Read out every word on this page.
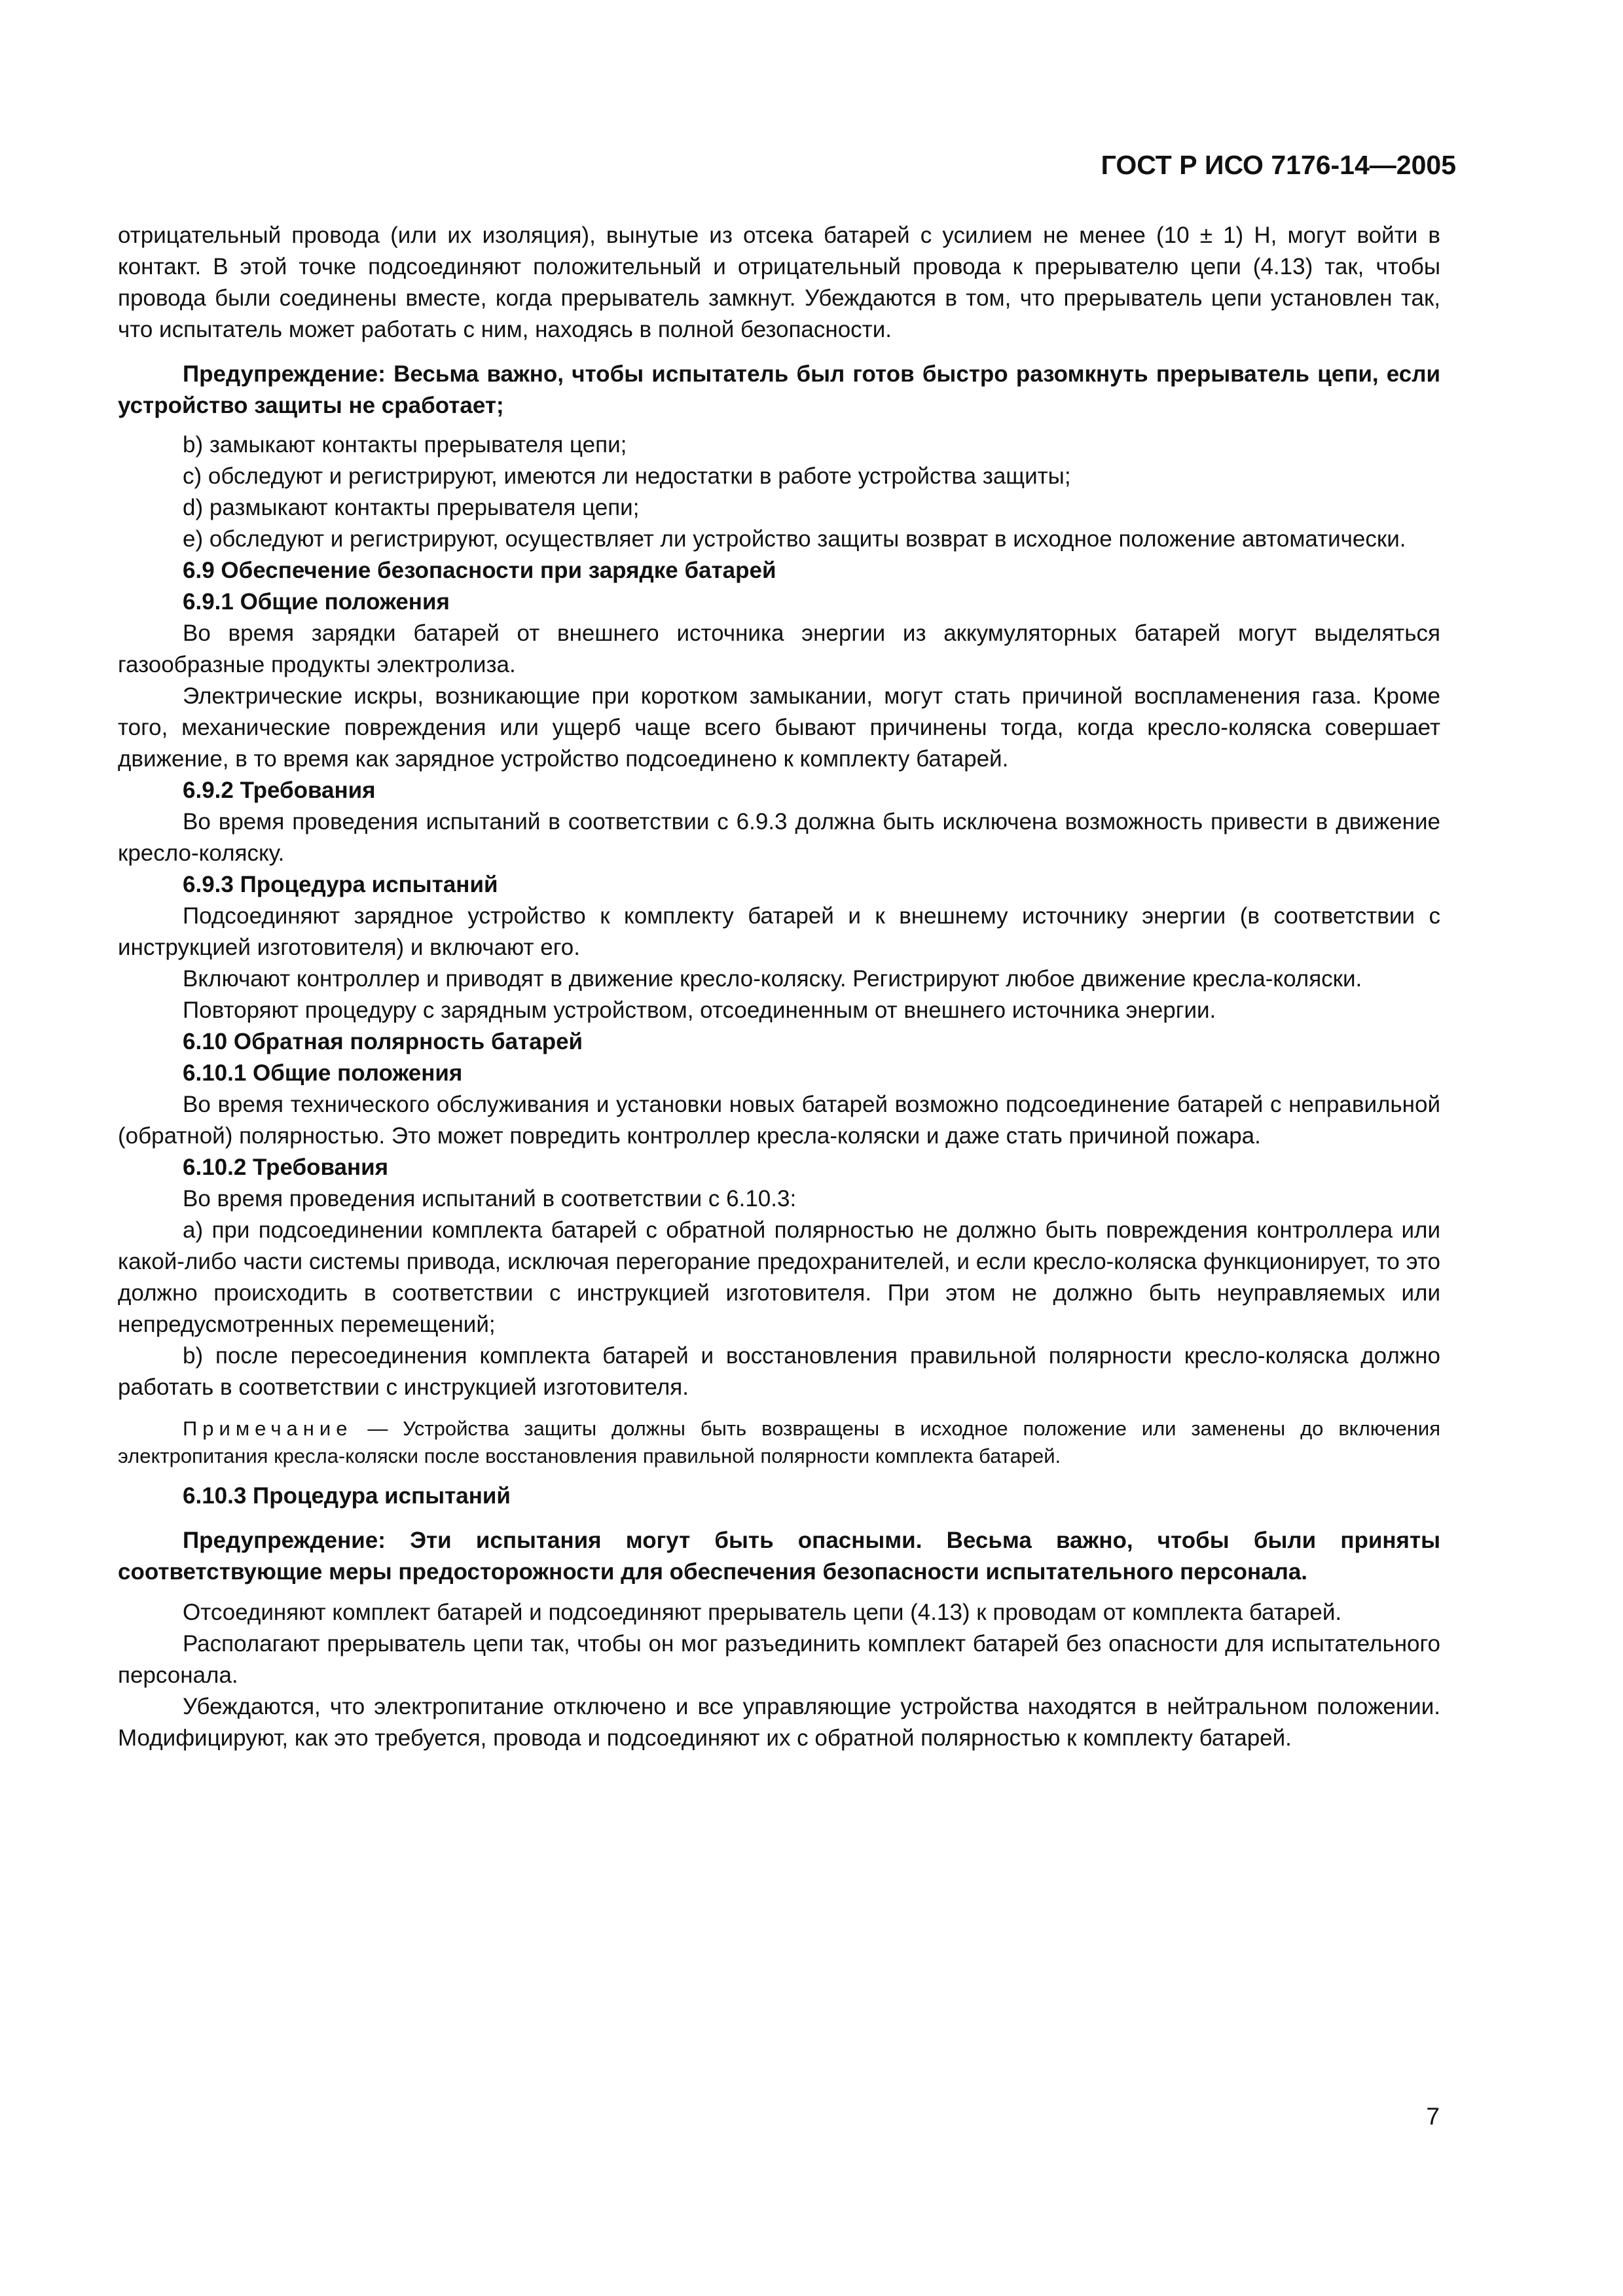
ГОСТ Р ИСО 7176-14—2005

отрицательный провода (или их изоляция), вынутые из отсека батарей с усилием не менее (10 ± 1) Н, могут войти в контакт. В этой точке подсоединяют положительный и отрицательный провода к прерывателю цепи (4.13) так, чтобы провода были соединены вместе, когда прерыватель замкнут. Убеждаются в том, что прерыватель цепи установлен так, что испытатель может работать с ним, находясь в полной безопасности.

Предупреждение: Весьма важно, чтобы испытатель был готов быстро разомкнуть прерыватель цепи, если устройство защиты не сработает;

b) замыкают контакты прерывателя цепи;

c) обследуют и регистрируют, имеются ли недостатки в работе устройства защиты;

d) размыкают контакты прерывателя цепи;

e) обследуют и регистрируют, осуществляет ли устройство защиты возврат в исходное положение автоматически.

6.9 Обеспечение безопасности при зарядке батарей

6.9.1 Общие положения

Во время зарядки батарей от внешнего источника энергии из аккумуляторных батарей могут выделяться газообразные продукты электролиза.

Электрические искры, возникающие при коротком замыкании, могут стать причиной воспламенения газа. Кроме того, механические повреждения или ущерб чаще всего бывают причинены тогда, когда кресло-коляска совершает движение, в то время как зарядное устройство подсоединено к комплекту батарей.

6.9.2 Требования

Во время проведения испытаний в соответствии с 6.9.3 должна быть исключена возможность привести в движение кресло-коляску.

6.9.3 Процедура испытаний

Подсоединяют зарядное устройство к комплекту батарей и к внешнему источнику энергии (в соответствии с инструкцией изготовителя) и включают его.

Включают контроллер и приводят в движение кресло-коляску. Регистрируют любое движение кресла-коляски.

Повторяют процедуру с зарядным устройством, отсоединенным от внешнего источника энергии.

6.10 Обратная полярность батарей

6.10.1 Общие положения

Во время технического обслуживания и установки новых батарей возможно подсоединение батарей с неправильной (обратной) полярностью. Это может повредить контроллер кресла-коляски и даже стать причиной пожара.

6.10.2 Требования

Во время проведения испытаний в соответствии с 6.10.3:

а) при подсоединении комплекта батарей с обратной полярностью не должно быть повреждения контроллера или какой-либо части системы привода, исключая перегорание предохранителей, и если кресло-коляска функционирует, то это должно происходить в соответствии с инструкцией изготовителя. При этом не должно быть неуправляемых или непредусмотренных перемещений;

b) после пересоединения комплекта батарей и восстановления правильной полярности кресло-коляска должно работать в соответствии с инструкцией изготовителя.

Примечание — Устройства защиты должны быть возвращены в исходное положение или заменены до включения электропитания кресла-коляски после восстановления правильной полярности комплекта батарей.

6.10.3 Процедура испытаний

Предупреждение: Эти испытания могут быть опасными. Весьма важно, чтобы были приняты соответствующие меры предосторожности для обеспечения безопасности испытательного персонала.

Отсоединяют комплект батарей и подсоединяют прерыватель цепи (4.13) к проводам от комплекта батарей.

Располагают прерыватель цепи так, чтобы он мог разъединить комплект батарей без опасности для испытательного персонала.

Убеждаются, что электропитание отключено и все управляющие устройства находятся в нейтральном положении. Модифицируют, как это требуется, провода и подсоединяют их с обратной полярностью к комплекту батарей.

7
